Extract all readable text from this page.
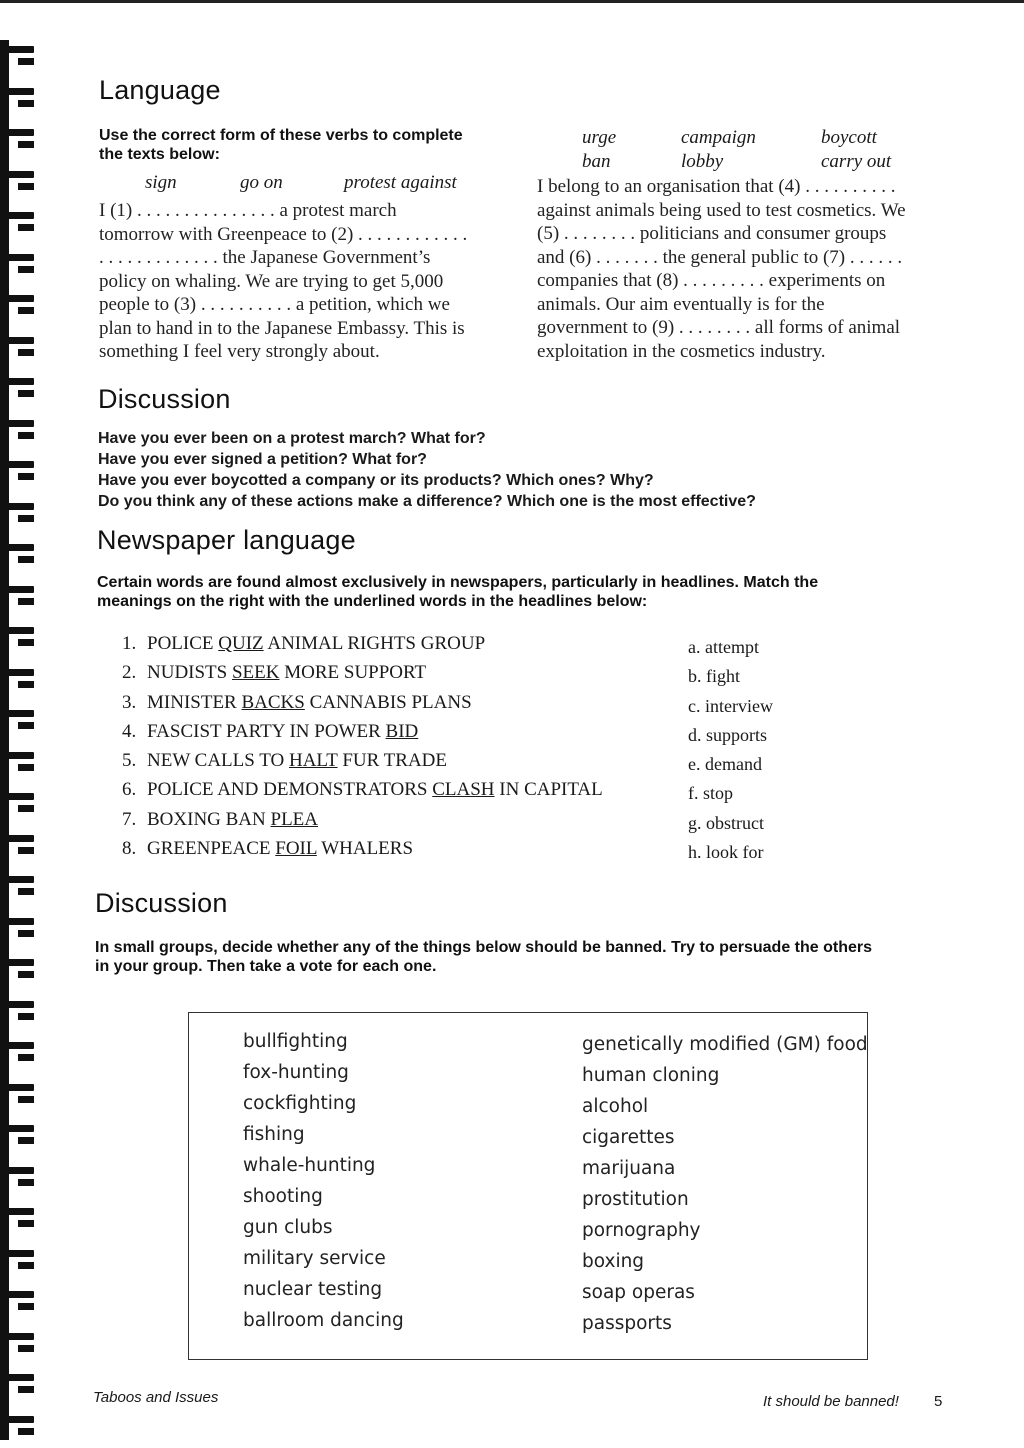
Language
Use the correct form of these verbs to complete
the texts below:
sign	go on	protest against
urge	campaign	boycott
ban	lobby	carry out
I (1) . . . . . . . . . . . . . . . a protest march
tomorrow with Greenpeace to (2) . . . . . . . . . . . .
. . . . . . . . . . . . . the Japanese Government’s
policy on whaling. We are trying to get 5,000
people to (3) . . . . . . . . . . a petition, which we
plan to hand in to the Japanese Embassy. This is
something I feel very strongly about.
I belong to an organisation that (4) . . . . . . . . . .
against animals being used to test cosmetics. We
(5) . . . . . . . . politicians and consumer groups
and (6) . . . . . . . the general public to (7) . . . . . .
companies that (8) . . . . . . . . . experiments on
animals. Our aim eventually is for the
government to (9) . . . . . . . . all forms of animal
exploitation in the cosmetics industry.
Discussion
Have you ever been on a protest march? What for?
Have you ever signed a petition? What for?
Have you ever boycotted a company or its products? Which ones? Why?
Do you think any of these actions make a difference? Which one is the most effective?
Newspaper language
Certain words are found almost exclusively in newspapers, particularly in headlines. Match the
meanings on the right with the underlined words in the headlines below:
1. POLICE QUIZ ANIMAL RIGHTS GROUP
2. NUDISTS SEEK MORE SUPPORT
3. MINISTER BACKS CANNABIS PLANS
4. FASCIST PARTY IN POWER BID
5. NEW CALLS TO HALT FUR TRADE
6. POLICE AND DEMONSTRATORS CLASH IN CAPITAL
7. BOXING BAN PLEA
8. GREENPEACE FOIL WHALERS
a. attempt
b. fight
c. interview
d. supports
e. demand
f. stop
g. obstruct
h. look for
Discussion
In small groups, decide whether any of the things below should be banned. Try to persuade the others
in your group. Then take a vote for each one.
bullfighting
fox-hunting
cockfighting
fishing
whale-hunting
shooting
gun clubs
military service
nuclear testing
ballroom dancing
genetically modified (GM) food
human cloning
alcohol
cigarettes
marijuana
prostitution
pornography
boxing
soap operas
passports
Taboos and Issues	It should be banned! 5
